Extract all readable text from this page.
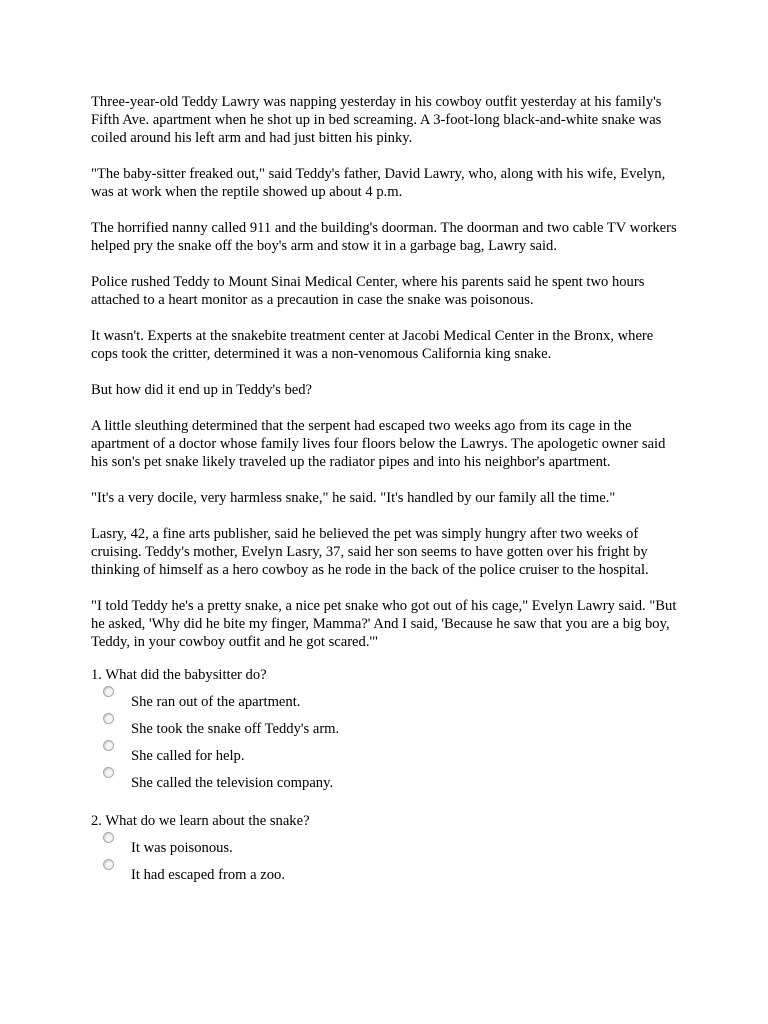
Three-year-old Teddy Lawry was napping yesterday in his cowboy outfit yesterday at his family's Fifth Ave. apartment when he shot up in bed screaming. A 3-foot-long black-and-white snake was coiled around his left arm and had just bitten his pinky.

"The baby-sitter freaked out," said Teddy's father, David Lawry, who, along with his wife, Evelyn, was at work when the reptile showed up about 4 p.m.

The horrified nanny called 911 and the building's doorman. The doorman and two cable TV workers helped pry the snake off the boy's arm and stow it in a garbage bag, Lawry said.

Police rushed Teddy to Mount Sinai Medical Center, where his parents said he spent two hours attached to a heart monitor as a precaution in case the snake was poisonous.

It wasn't. Experts at the snakebite treatment center at Jacobi Medical Center in the Bronx, where cops took the critter, determined it was a non-venomous California king snake.

But how did it end up in Teddy's bed?

A little sleuthing determined that the serpent had escaped two weeks ago from its cage in the apartment of a doctor whose family lives four floors below the Lawrys. The apologetic owner said his son's pet snake likely traveled up the radiator pipes and into his neighbor's apartment.

"It's a very docile, very harmless snake," he said. "It's handled by our family all the time."

Lasry, 42, a fine arts publisher, said he believed the pet was simply hungry after two weeks of cruising. Teddy's mother, Evelyn Lasry, 37, said her son seems to have gotten over his fright by thinking of himself as a hero cowboy as he rode in the back of the police cruiser to the hospital.

"I told Teddy he's a pretty snake, a nice pet snake who got out of his cage," Evelyn Lawry said. "But he asked, 'Why did he bite my finger, Mamma?' And I said, 'Because he saw that you are a big boy, Teddy, in your cowboy outfit and he got scared.'"

1. What did the babysitter do?

She ran out of the apartment.
She took the snake off Teddy's arm.
She called for help.
She called the television company.

2. What do we learn about the snake?

It was poisonous.
It had escaped from a zoo.
